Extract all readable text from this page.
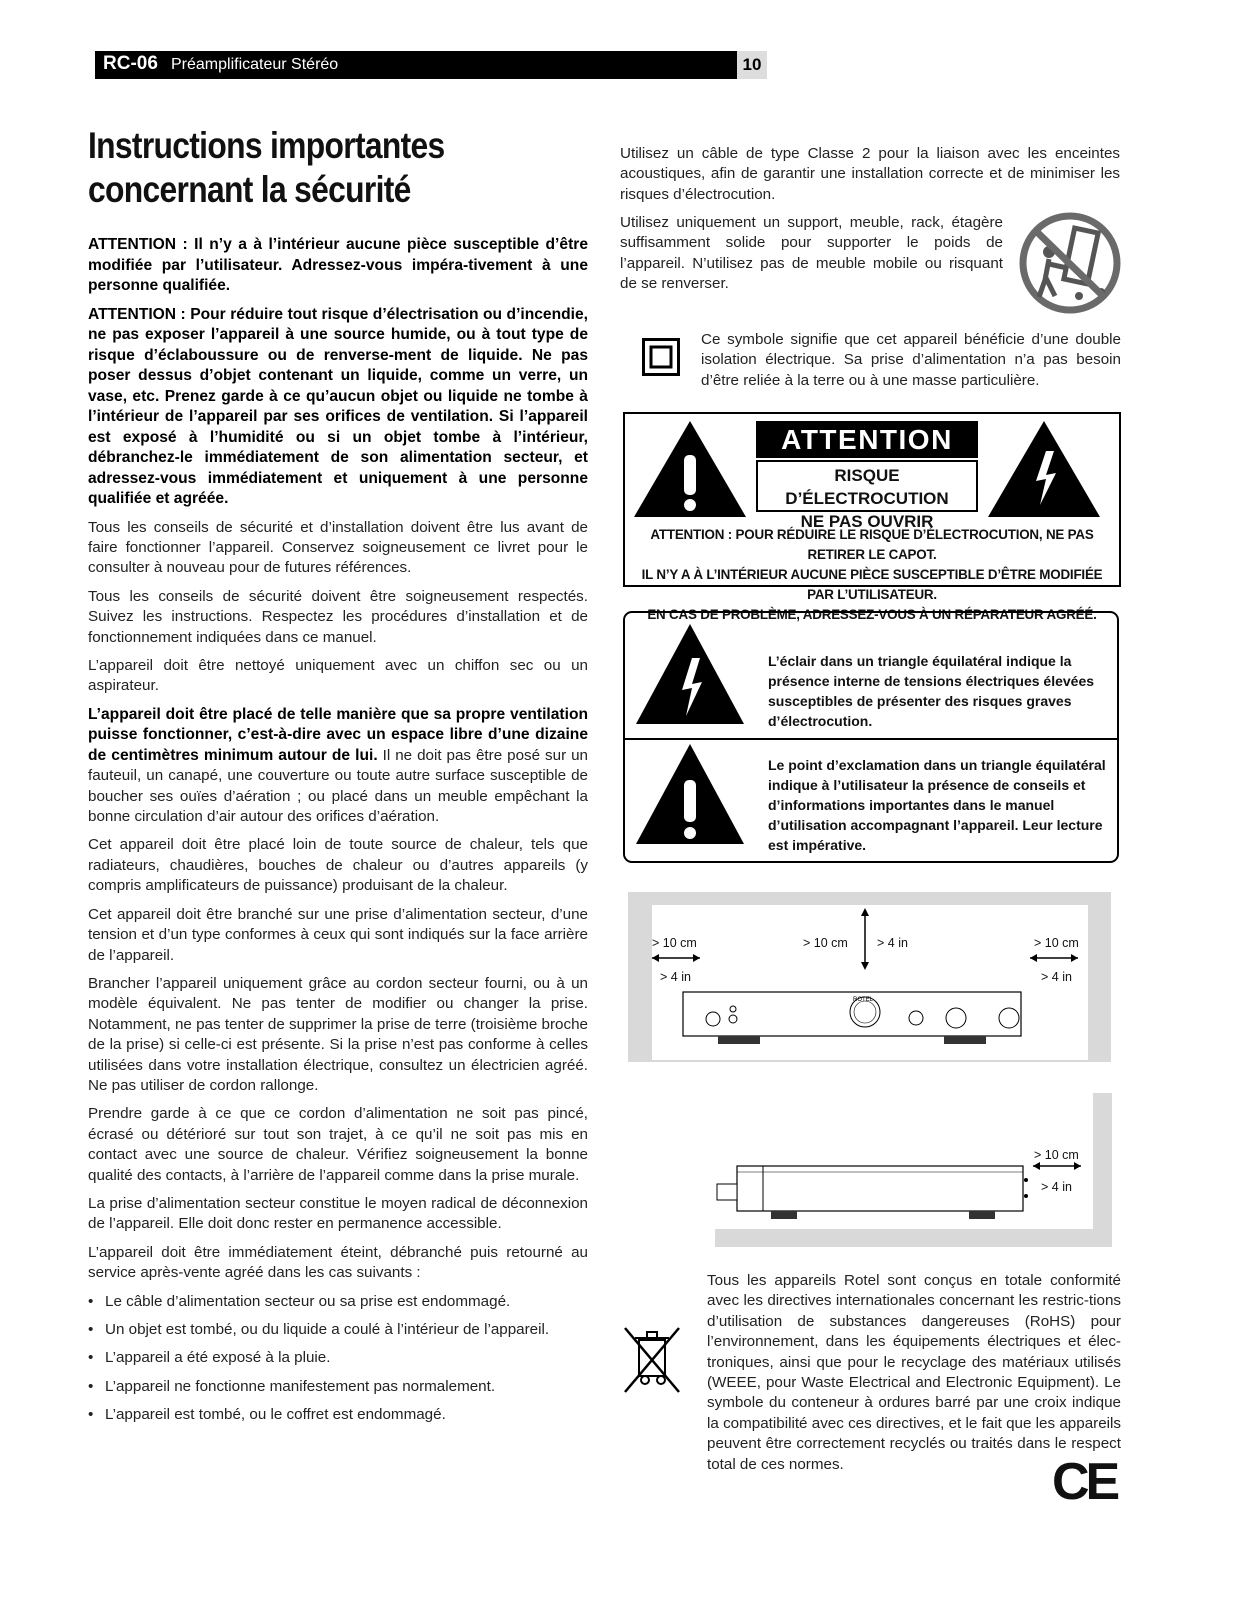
RC-06 Préamplificateur Stéréo	10
Instructions importantes
concernant la sécurité

ATTENTION : Il n’y a à l’intérieur aucune pièce susceptible d’être modifiée par l’utilisateur. Adressez-vous impéra-tivement à une personne qualifiée.

ATTENTION : Pour réduire tout risque d’électrisation ou d’incendie, ne pas exposer l’appareil à une source humide, ou à tout type de risque d’éclaboussure ou de renverse-ment de liquide. Ne pas poser dessus d’objet contenant un liquide, comme un verre, un vase, etc. Prenez garde à ce qu’aucun objet ou liquide ne tombe à l’intérieur de l’appareil par ses orifices de ventilation. Si l’appareil est exposé à l’humidité ou si un objet tombe à l’intérieur, débranchez-le immédiatement de son alimentation secteur, et adressez-vous immédiatement et uniquement à une personne qualifiée et agréée.

Tous les conseils de sécurité et d’installation doivent être lus avant de faire fonctionner l’appareil. Conservez soigneusement ce livret pour le consulter à nouveau pour de futures références.

Tous les conseils de sécurité doivent être soigneusement respectés. Suivez les instructions. Respectez les procédures d’installation et de fonctionnement indiquées dans ce manuel.

L’appareil doit être nettoyé uniquement avec un chiffon sec ou un aspirateur.

L’appareil doit être placé de telle manière que sa propre ventilation puisse fonctionner, c’est-à-dire avec un espace libre d’une dizaine de centimètres minimum autour de lui. Il ne doit pas être posé sur un fauteuil, un canapé, une couverture ou toute autre surface susceptible de boucher ses ouïes d’aération ; ou placé dans un meuble empêchant la bonne circulation d’air autour des orifices d’aération.

Cet appareil doit être placé loin de toute source de chaleur, tels que radiateurs, chaudières, bouches de chaleur ou d’autres appareils (y compris amplificateurs de puissance) produisant de la chaleur.

Cet appareil doit être branché sur une prise d’alimentation secteur, d’une tension et d’un type conformes à ceux qui sont indiqués sur la face arrière de l’appareil.

Brancher l’appareil uniquement grâce au cordon secteur fourni, ou à un modèle équivalent. Ne pas tenter de modifier ou changer la prise. Notamment, ne pas tenter de supprimer la prise de terre (troisième broche de la prise) si celle-ci est présente. Si la prise n’est pas conforme à celles utilisées dans votre installation électrique, consultez un électricien agréé. Ne pas utiliser de cordon rallonge.

Prendre garde à ce que ce cordon d’alimentation ne soit pas pincé, écrasé ou détérioré sur tout son trajet, à ce qu’il ne soit pas mis en contact avec une source de chaleur. Vérifiez soigneusement la bonne qualité des contacts, à l’arrière de l’appareil comme dans la prise murale.

La prise d’alimentation secteur constitue le moyen radical de déconnexion de l’appareil. Elle doit donc rester en permanence accessible.

L’appareil doit être immédiatement éteint, débranché puis retourné au service après-vente agréé dans les cas suivants :

• Le câble d’alimentation secteur ou sa prise est endommagé.
• Un objet est tombé, ou du liquide a coulé à l’intérieur de l’appareil.
• L’appareil a été exposé à la pluie.
• L’appareil ne fonctionne manifestement pas normalement.
• L’appareil est tombé, ou le coffret est endommagé.
Utilisez un câble de type Classe 2 pour la liaison avec les enceintes acoustiques, afin de garantir une installation correcte et de minimiser les risques d’électrocution.
Utilisez uniquement un support, meuble, rack, étagère suffisamment solide pour supporter le poids de l’appareil. N’utilisez pas de meuble mobile ou risquant de se renverser.
Ce symbole signifie que cet appareil bénéficie d’une double isolation électrique. Sa prise d’alimentation n’a pas besoin d’être reliée à la terre ou à une masse particulière.
ATTENTION
RISQUE D’ÉLECTROCUTION
NE PAS OUVRIR
ATTENTION : POUR RÉDUIRE LE RISQUE D’ÉLECTROCUTION, NE PAS RETIRER LE CAPOT.
IL N’Y A À L’INTÉRIEUR AUCUNE PIÈCE SUSCEPTIBLE D’ÊTRE MODIFIÉE PAR L’UTILISATEUR.
EN CAS DE PROBLÈME, ADRESSEZ-VOUS À UN RÉPARATEUR AGRÉÉ.
L’éclair dans un triangle équilatéral indique la présence interne de tensions électriques élevées susceptibles de présenter des risques graves d’électrocution.
Le point d’exclamation dans un triangle équilatéral indique à l’utilisateur la présence de conseils et d’informations importantes dans le manuel d’utilisation accompagnant l’appareil. Leur lecture est impérative.
> 10 cm
> 4 in
> 10 cm > 4 in	> 10 cm
> 4 in
ROTEL
> 10 cm
> 4 in
Tous les appareils Rotel sont conçus en totale conformité avec les directives internationales concernant les restric-tions d’utilisation de substances dangereuses (RoHS) pour l’environnement, dans les équipements électriques et élec-troniques, ainsi que pour le recyclage des matériaux utilisés (WEEE, pour Waste Electrical and Electronic Equipment). Le symbole du conteneur à ordures barré par une croix indique la compatibilité avec ces directives, et le fait que les appareils peuvent être correctement recyclés ou traités dans le respect total de ces normes.	CE
